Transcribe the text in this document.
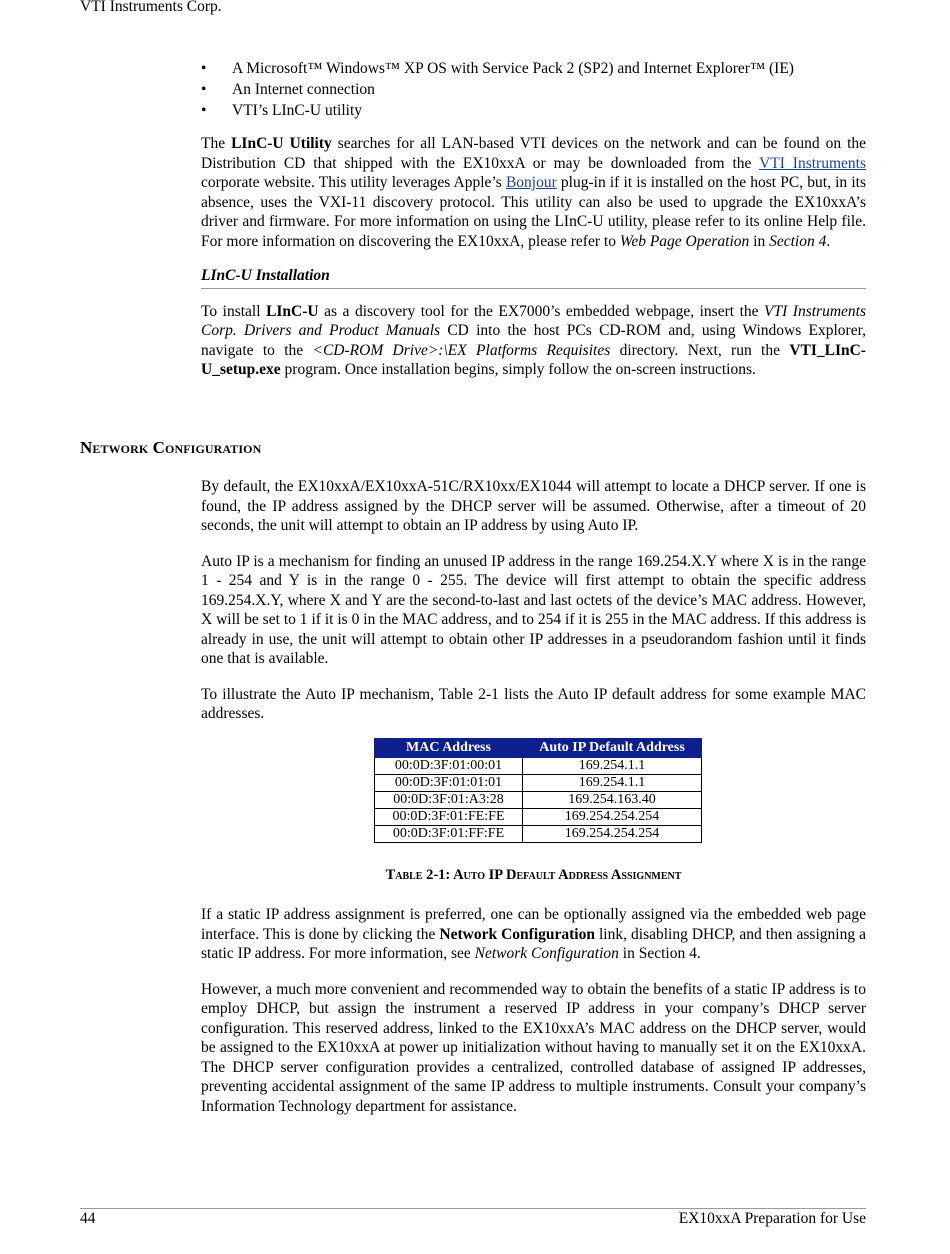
VTI Instruments Corp.
• A Microsoft™ Windows™ XP OS with Service Pack 2 (SP2) and Internet Explorer™ (IE)
• An Internet connection
• VTI’s LInC-U utility

The LInC-U Utility searches for all LAN-based VTI devices on the network and can be found on the Distribution CD that shipped with the EX10xxA or may be downloaded from the VTI Instruments corporate website. This utility leverages Apple’s Bonjour plug-in if it is installed on the host PC, but, in its absence, uses the VXI-11 discovery protocol. This utility can also be used to upgrade the EX10xxA’s driver and firmware. For more information on using the LInC-U utility, please refer to its online Help file. For more information on discovering the EX10xxA, please refer to Web Page Operation in Section 4.

LInC-U Installation

To install LInC-U as a discovery tool for the EX7000’s embedded webpage, insert the VTI Instruments Corp. Drivers and Product Manuals CD into the host PCs CD-ROM and, using Windows Explorer, navigate to the <CD-ROM Drive>:\EX Platforms Requisites directory. Next, run the VTI_LInC-U_setup.exe program. Once installation begins, simply follow the on-screen instructions.

Network Configuration

By default, the EX10xxA/EX10xxA-51C/RX10xx/EX1044 will attempt to locate a DHCP server. If one is found, the IP address assigned by the DHCP server will be assumed. Otherwise, after a timeout of 20 seconds, the unit will attempt to obtain an IP address by using Auto IP.

Auto IP is a mechanism for finding an unused IP address in the range 169.254.X.Y where X is in the range 1 - 254 and Y is in the range 0 - 255. The device will first attempt to obtain the specific address 169.254.X.Y, where X and Y are the second-to-last and last octets of the device’s MAC address. However, X will be set to 1 if it is 0 in the MAC address, and to 254 if it is 255 in the MAC address. If this address is already in use, the unit will attempt to obtain other IP addresses in a pseudorandom fashion until it finds one that is available.

To illustrate the Auto IP mechanism, Table 2-1 lists the Auto IP default address for some example MAC addresses.

MAC Address	Auto IP Default Address
00:0D:3F:01:00:01	169.254.1.1
00:0D:3F:01:01:01	169.254.1.1
00:0D:3F:01:A3:28	169.254.163.40
00:0D:3F:01:FE:FE	169.254.254.254
00:0D:3F:01:FF:FE	169.254.254.254
Table 2-1: Auto IP Default Address Assignment

If a static IP address assignment is preferred, one can be optionally assigned via the embedded web page interface. This is done by clicking the Network Configuration link, disabling DHCP, and then assigning a static IP address. For more information, see Network Configuration in Section 4.

However, a much more convenient and recommended way to obtain the benefits of a static IP address is to employ DHCP, but assign the instrument a reserved IP address in your company’s DHCP server configuration. This reserved address, linked to the EX10xxA’s MAC address on the DHCP server, would be assigned to the EX10xxA at power up initialization without having to manually set it on the EX10xxA. The DHCP server configuration provides a centralized, controlled database of assigned IP addresses, preventing accidental assignment of the same IP address to multiple instruments. Consult your company’s Information Technology department for assistance.

44	EX10xxA Preparation for Use
